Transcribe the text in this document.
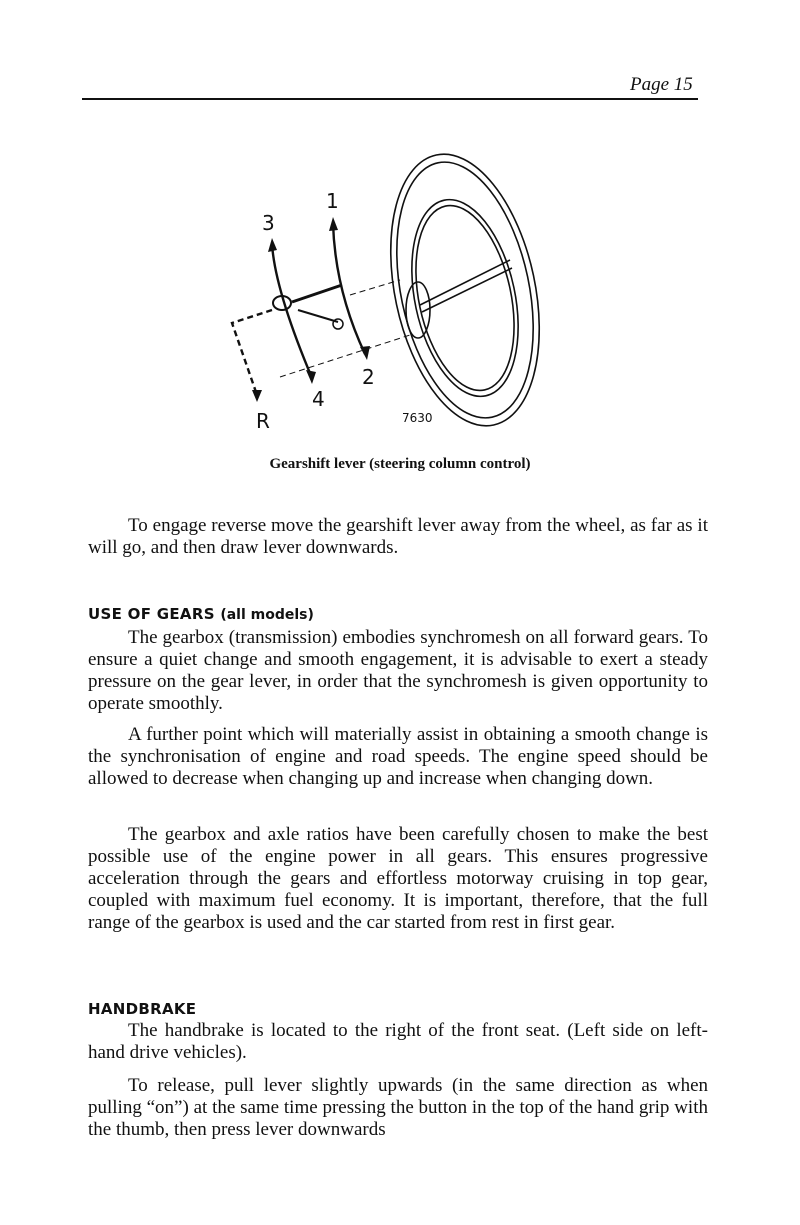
Page 15
1
2
3
4
R	7630
Gearshift lever (steering column control)
To engage reverse move the gearshift lever away from the wheel, as far as it will go, and then draw lever downwards.
USE OF GEARS (all models)
The gearbox (transmission) embodies synchromesh on all forward gears. To ensure a quiet change and smooth engagement, it is advisable to exert a steady pressure on the gear lever, in order that the synchromesh is given opportunity to operate smoothly.
A further point which will materially assist in obtaining a smooth change is the synchronisation of engine and road speeds. The engine speed should be allowed to decrease when changing up and increase when changing down.
The gearbox and axle ratios have been carefully chosen to make the best possible use of the engine power in all gears. This ensures progressive acceleration through the gears and effortless motorway cruising in top gear, coupled with maximum fuel economy. It is important, therefore, that the full range of the gearbox is used and the car started from rest in first gear.
HANDBRAKE
The handbrake is located to the right of the front seat. (Left side on left-hand drive vehicles).
To release, pull lever slightly upwards (in the same direction as when pulling “on”) at the same time pressing the button in the top of the hand grip with the thumb, then press lever downwards
